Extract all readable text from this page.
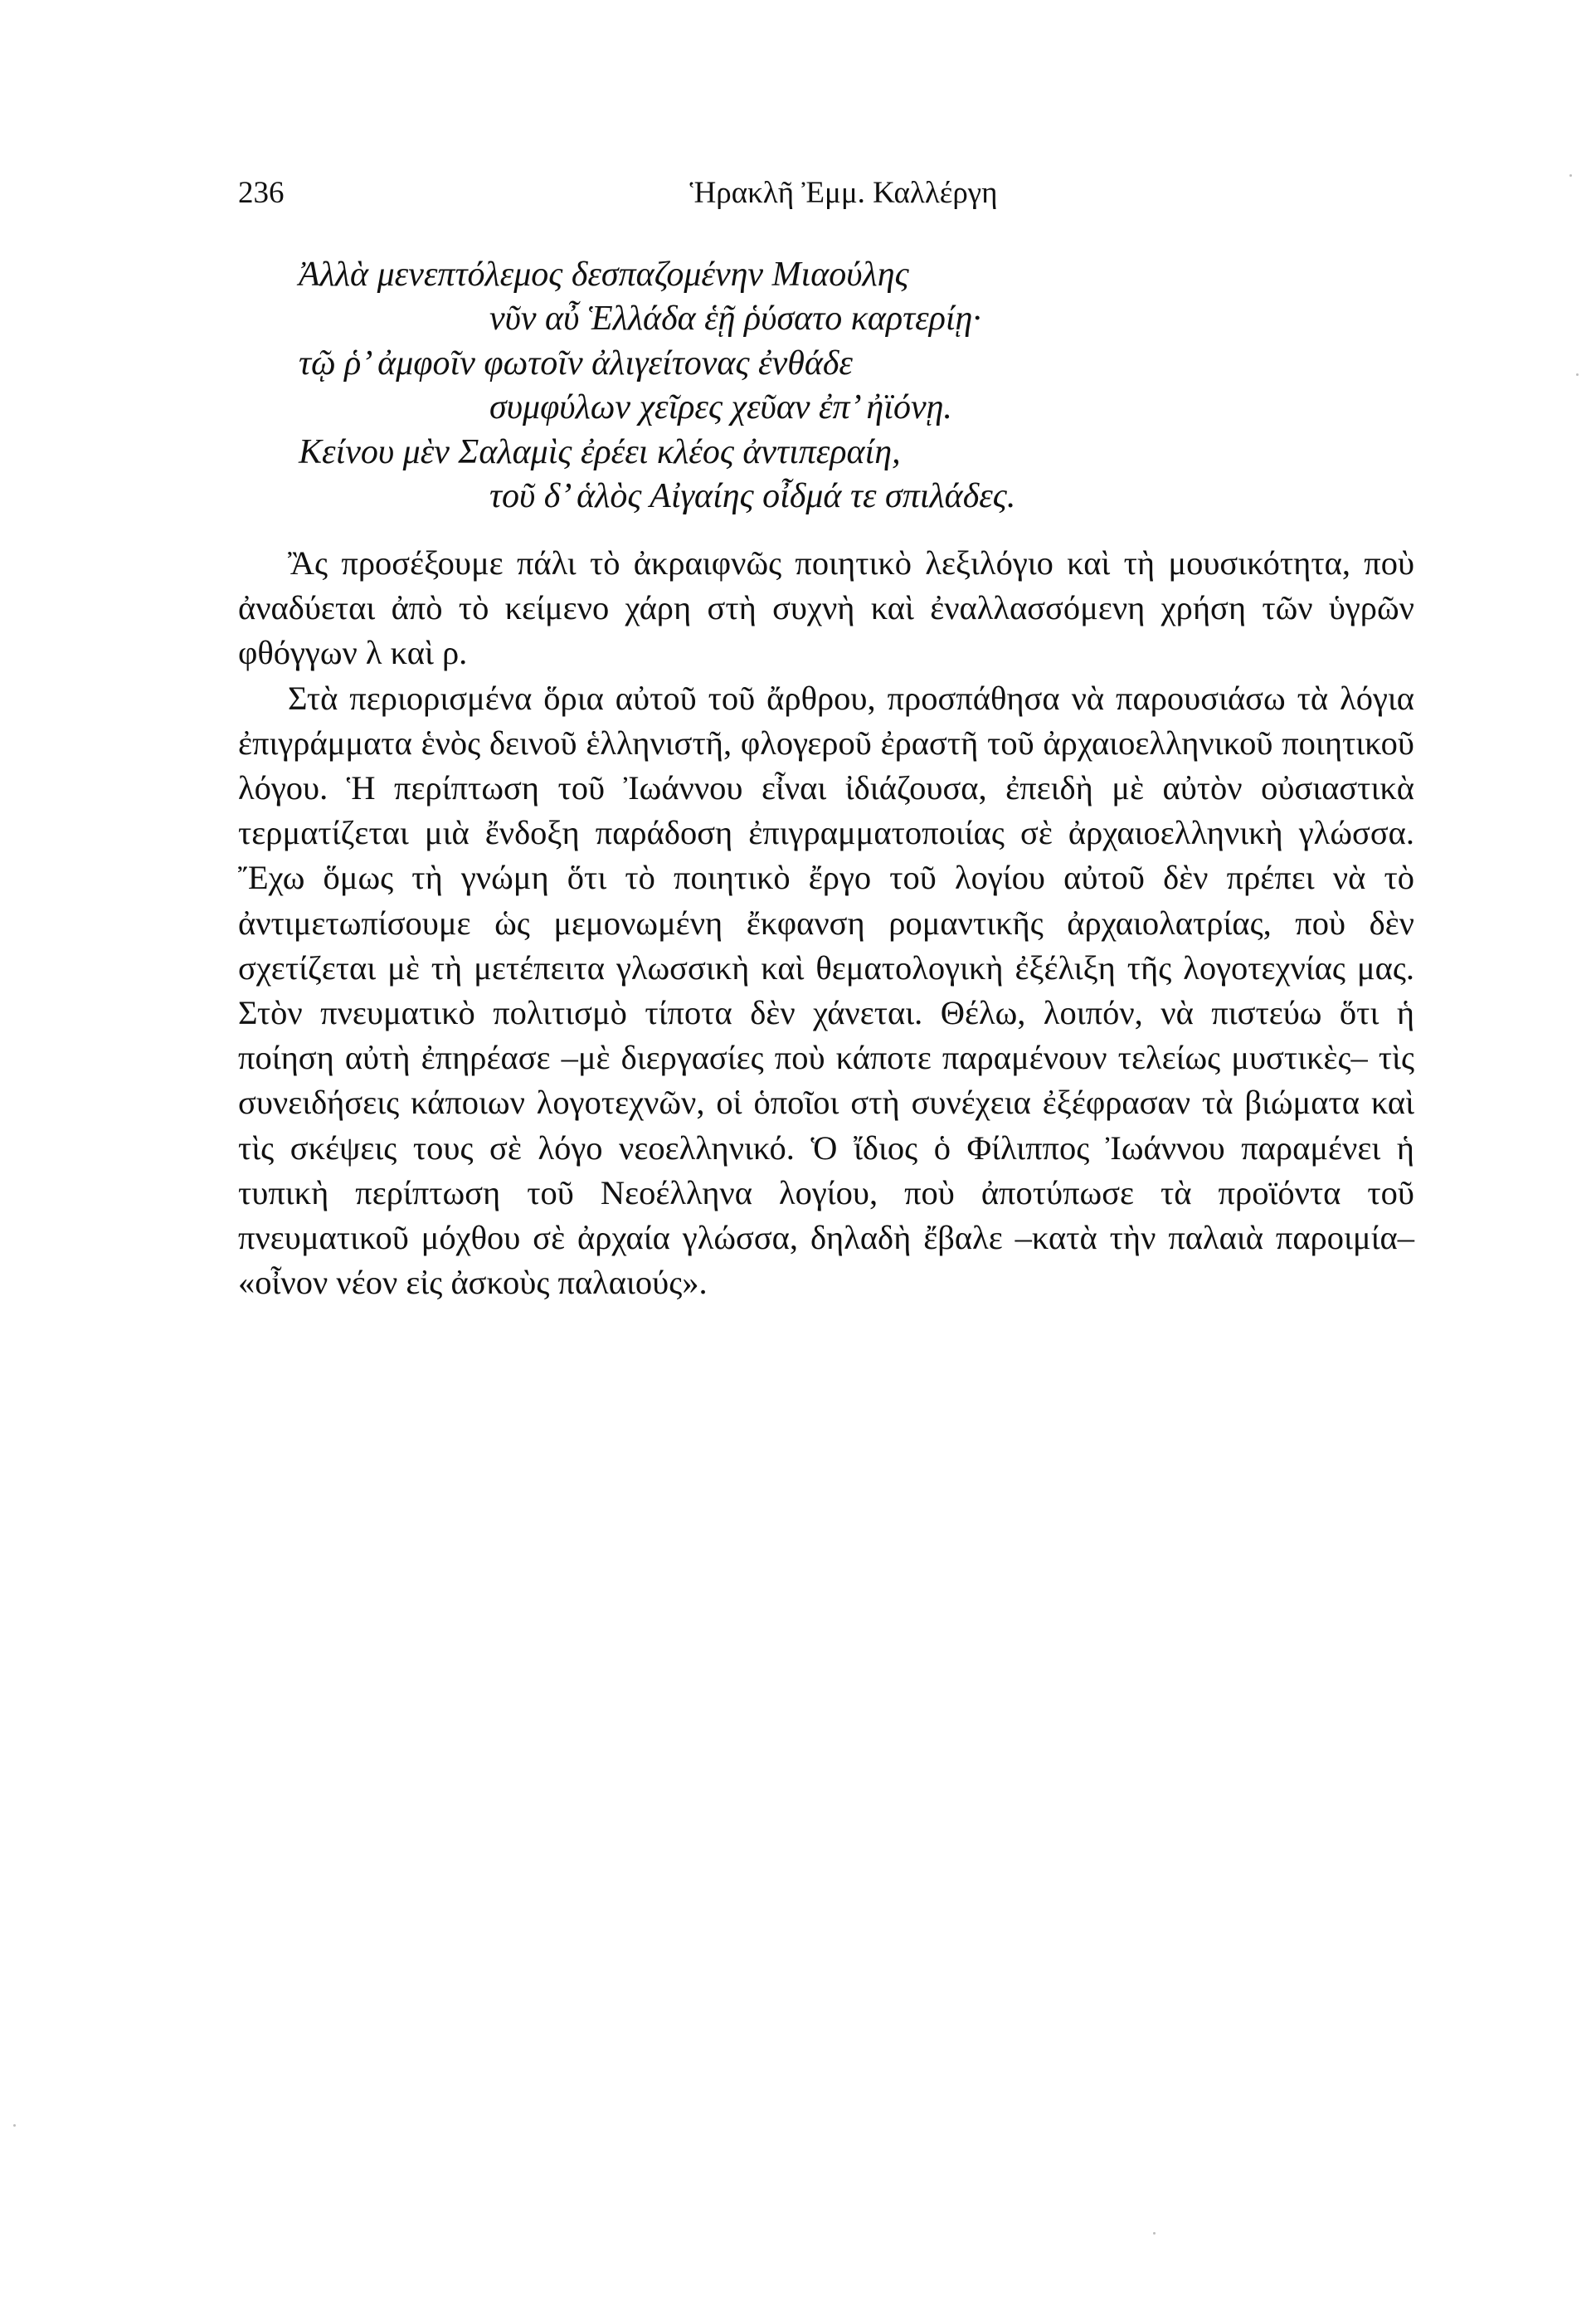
236	Ἡρακλῆ Ἐμμ. Καλλέργη
Ἀλλὰ μενεπτόλεμος δεσπαζομένην Μιαούλης
νῦν αὖ Ἑλλάδα ἑῇ ῥύσατο καρτερίῃ·
τῷ ῥ’ ἀμφοῖν φωτοῖν ἀλιγείτονας ἐνθάδε
συμφύλων χεῖρες χεῦαν ἐπ’ ἠϊόνῃ.
Κείνου μὲν Σαλαμὶς ἐρέει κλέος ἀντιπεραίη,
τοῦ δ’ ἁλὸς Αἰγαίης οἶδμά τε σπιλάδες.

Ἂς προσέξουμε πάλι τὸ ἀκραιφνῶς ποιητικὸ λεξιλόγιο καὶ τὴ μουσικότητα, ποὺ ἀναδύεται ἀπὸ τὸ κείμενο χάρη στὴ συχνὴ καὶ ἐναλλασσόμενη χρήση τῶν ὑγρῶν φθόγγων λ καὶ ρ.

Στὰ περιορισμένα ὅρια αὐτοῦ τοῦ ἄρθρου, προσπάθησα νὰ παρουσιάσω τὰ λόγια ἐπιγράμματα ἑνὸς δεινοῦ ἑλληνιστῆ, φλογεροῦ ἐραστῆ τοῦ ἀρχαιοελληνικοῦ ποιητικοῦ λόγου. Ἡ περίπτωση τοῦ Ἰωάννου εἶναι ἰδιάζουσα, ἐπειδὴ μὲ αὐτὸν οὐσιαστικὰ τερματίζεται μιὰ ἔνδοξη παράδοση ἐπιγραμματοποιίας σὲ ἀρχαιοελληνικὴ γλώσσα. Ἔχω ὅμως τὴ γνώμη ὅτι τὸ ποιητικὸ ἔργο τοῦ λογίου αὐτοῦ δὲν πρέπει νὰ τὸ ἀντιμετωπίσουμε ὡς μεμονωμένη ἔκφανση ρομαντικῆς ἀρχαιολατρίας, ποὺ δὲν σχετίζεται μὲ τὴ μετέπειτα γλωσσικὴ καὶ θεματολογικὴ ἐξέλιξη τῆς λογοτεχνίας μας. Στὸν πνευματικὸ πολιτισμὸ τίποτα δὲν χάνεται. Θέλω, λοιπόν, νὰ πιστεύω ὅτι ἡ ποίηση αὐτὴ ἐπηρέασε –μὲ διεργασίες ποὺ κάποτε παραμένουν τελείως μυστικὲς– τὶς συνειδήσεις κάποιων λογοτεχνῶν, οἱ ὁποῖοι στὴ συνέχεια ἐξέφρασαν τὰ βιώματα καὶ τὶς σκέψεις τους σὲ λόγο νεοελληνικό. Ὁ ἴδιος ὁ Φίλιππος Ἰωάννου παραμένει ἡ τυπικὴ περίπτωση τοῦ Νεοέλληνα λογίου, ποὺ ἀποτύπωσε τὰ προϊόντα τοῦ πνευματικοῦ μόχθου σὲ ἀρχαία γλώσσα, δηλαδὴ ἔβαλε –κατὰ τὴν παλαιὰ παροιμία– «οἶνον νέον εἰς ἀσκοὺς παλαιούς».
